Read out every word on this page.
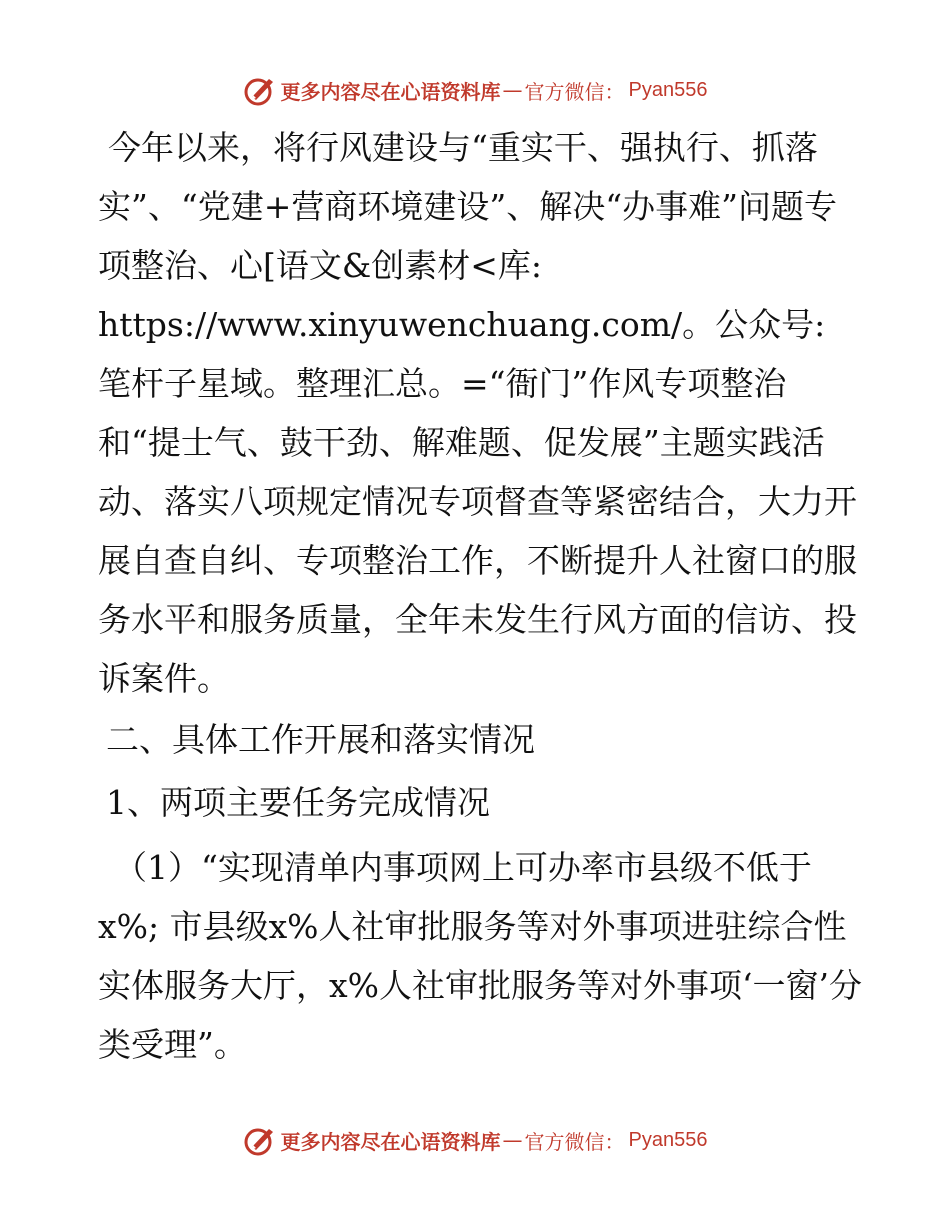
更多内容尽在心语资料库 — 官方微信： Pyan556

今年以来，将行风建设与“重实干、强执行、抓落实”、“党建+营商环境建设”、解决“办事难”问题专项整治、心[语文&创素材<库: https://www.xinyuwenchuang.com/。公众号: 笔杆子星域。整理汇总。=“衙门”作风专项整治和“提士气、鼓干劲、解难题、促发展”主题实践活动、落实八项规定情况专项督查等紧密结合，大力开展自查自纠、专项整治工作，不断提升人社窗口的服务水平和服务质量，全年未发生行风方面的信访、投诉案件。

二、具体工作开展和落实情况

1、两项主要任务完成情况

（1）“实现清单内事项网上可办率市县级不低于x%; 市县级x%人社审批服务等对外事项进驻综合性实体服务大厅，x%人社审批服务等对外事项‘一窗’分类受理”。

更多内容尽在心语资料库 — 官方微信： Pyan556
